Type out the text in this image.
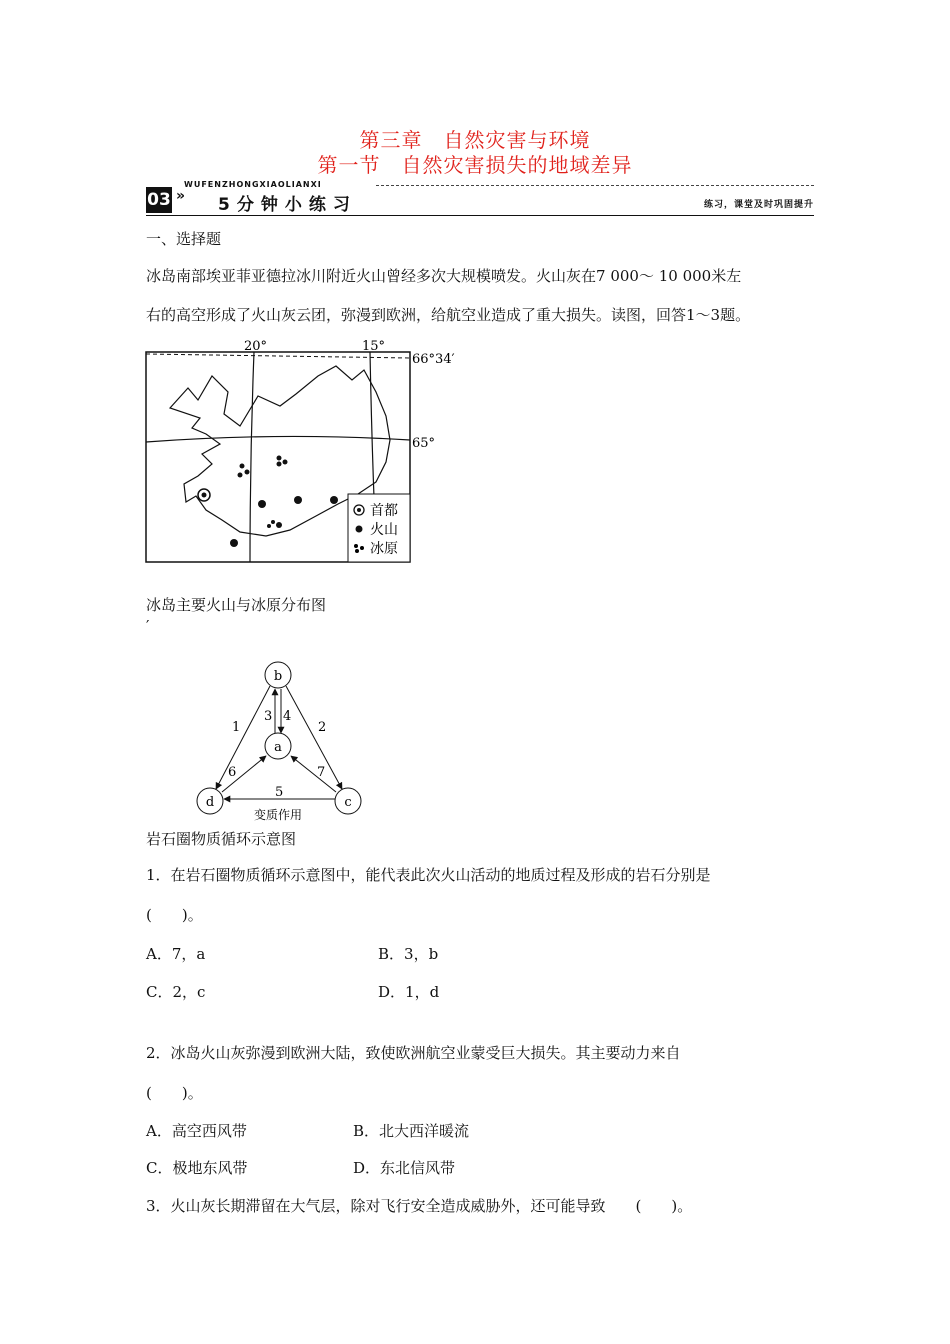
第三章　自然灾害与环境
第一节　自然灾害损失的地域差异
03 »
WUFENZHONGXIAOLIANXI
5分钟小练习	练习，课堂及时巩固提升
一、选择题
冰岛南部埃亚菲亚德拉冰川附近火山曾经多次大规模喷发。火山灰在7 000～ 10 000米左
右的高空形成了火山灰云团，弥漫到欧洲，给航空业造成了重大损失。读图，回答1～3题。
首都
火山
冰原
20°	15°
66°34′
65°
冰岛主要火山与冰原分布图
′
b
a
d	c
1	2
3 4
5
6	7
变质作用
岩石圈物质循环示意图
1．在岩石圈物质循环示意图中，能代表此次火山活动的地质过程及形成的岩石分别是
(　　)。
A．7，a	B．3，b
C．2，c	D．1，d
2．冰岛火山灰弥漫到欧洲大陆，致使欧洲航空业蒙受巨大损失。其主要动力来自
(　　)。
A．高空西风带	B．北大西洋暖流
C．极地东风带	D．东北信风带
3．火山灰长期滞留在大气层，除对飞行安全造成威胁外，还可能导致　　(　　)。
